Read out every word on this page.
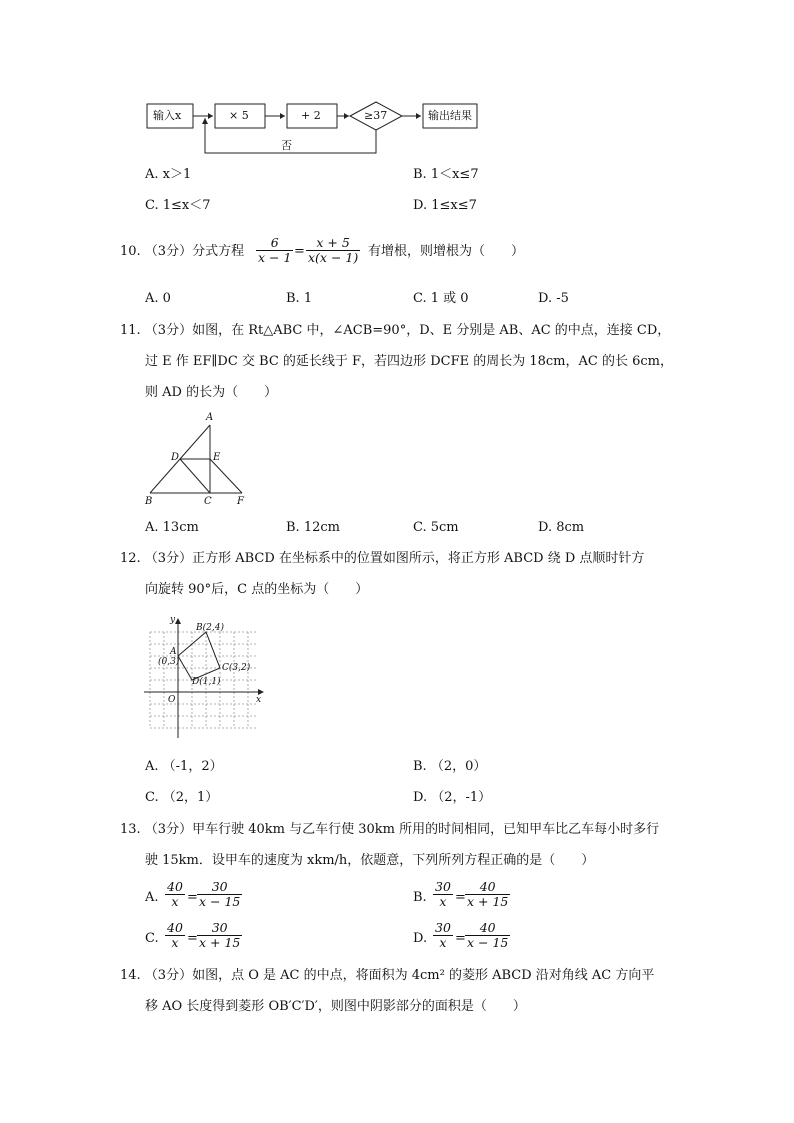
输入x	× 5	+ 2	≥37	输出结果
否
A. x＞1	B. 1＜x≤7
C. 1≤x＜7	D. 1≤x≤7
10. （3分）分式方程 $\frac{6}{x - 1} = \frac{x + 5}{x(x - 1)}$ 有增根，则增根为（　　）
A. 0	B. 1	C. 1 或 0	D. -5
11. （3分）如图，在 Rt△ABC 中，∠ACB=90°，D、E 分别是 AB、AC 的中点，连接 CD，
过 E 作 EF∥DC 交 BC 的延长线于 F，若四边形 DCFE 的周长为 18cm，AC 的长 6cm，
则 AD 的长为（　　）
A
D	E
B	C	F
A. 13cm	B. 12cm	C. 5cm	D. 8cm
12. （3分）正方形 ABCD 在坐标系中的位置如图所示，将正方形 ABCD 绕 D 点顺时针方
向旋转 90°后，C 点的坐标为（　　）
y
x
O
A
(0,3)
B(2,4)
C(3,2)
D(1,1)
A. （-1，2）	B. （2，0）
C. （2，1）	D. （2，-1）
13. （3分）甲车行驶 40km 与乙车行使 30km 所用的时间相同，已知甲车比乙车每小时多行
驶 15km．设甲车的速度为 xkm/h，依题意，下列所列方程正确的是（　　）
A. $\frac{40}{x} = \frac{30}{x - 15}$	B. $\frac{30}{x} = \frac{40}{x + 15}$
C. $\frac{40}{x} = \frac{30}{x + 15}$	D. $\frac{30}{x} = \frac{40}{x - 15}$
14. （3分）如图，点 O 是 AC 的中点，将面积为 4cm² 的菱形 ABCD 沿对角线 AC 方向平
移 AO 长度得到菱形 OB′C′D′，则图中阴影部分的面积是（　　）
